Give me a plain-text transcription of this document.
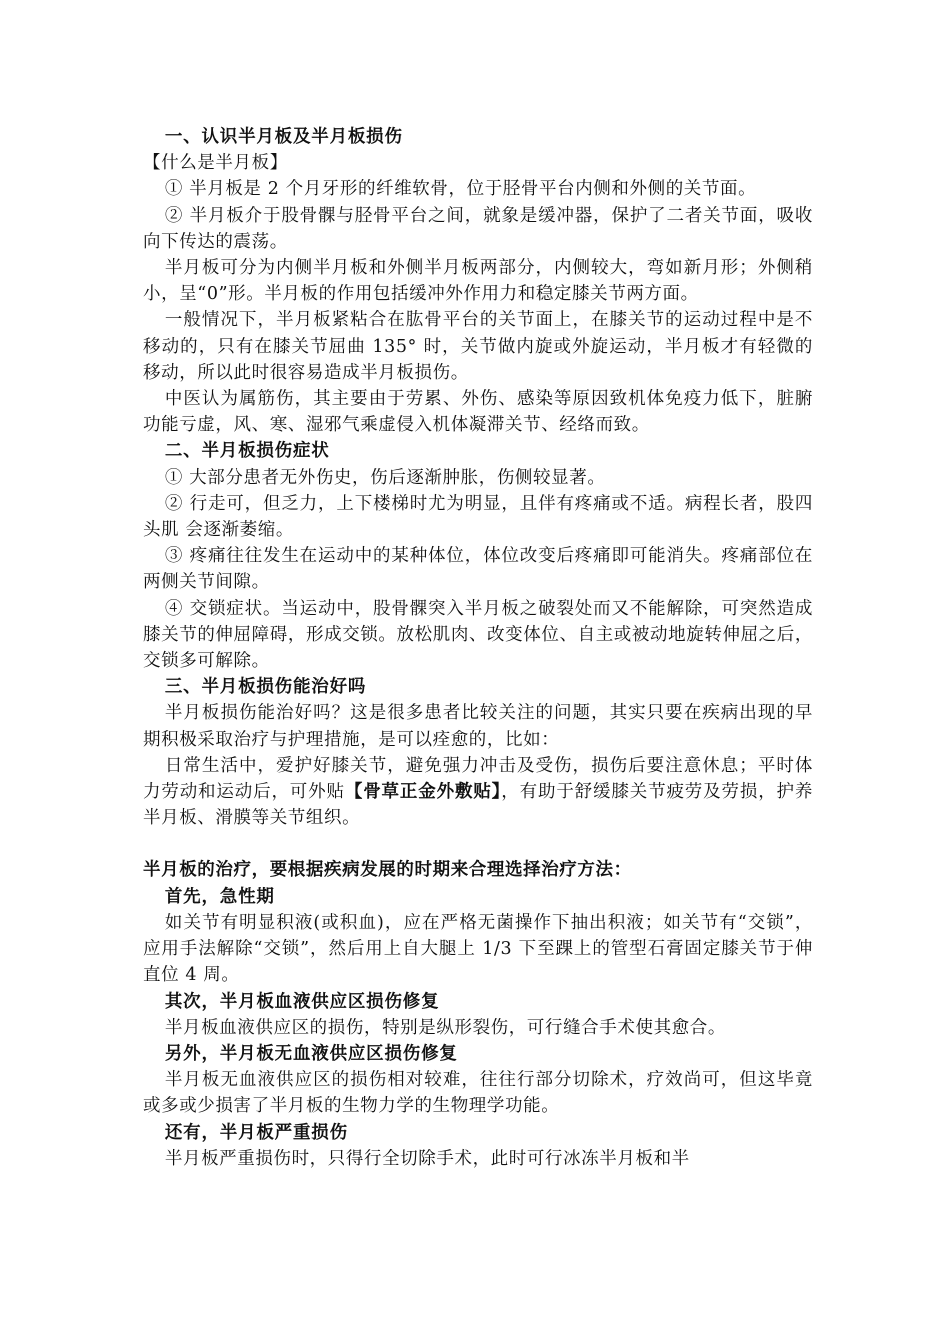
一、认识半月板及半月板损伤

【什么是半月板】

① 半月板是 2 个月牙形的纤维软骨，位于胫骨平台内侧和外侧的关节面。

② 半月板介于股骨髁与胫骨平台之间，就象是缓冲器，保护了二者关节面，吸收向下传达的震荡。

半月板可分为内侧半月板和外侧半月板两部分，内侧较大，弯如新月形；外侧稍小，呈“0”形。半月板的作用包括缓冲外作用力和稳定膝关节两方面。

一般情况下，半月板紧粘合在肱骨平台的关节面上，在膝关节的运动过程中是不移动的，只有在膝关节屈曲 135° 时，关节做内旋或外旋运动，半月板才有轻微的移动，所以此时很容易造成半月板损伤。

中医认为属筋伤，其主要由于劳累、外伤、感染等原因致机体免疫力低下，脏腑功能亏虚，风、寒、湿邪气乘虚侵入机体凝滞关节、经络而致。

二、半月板损伤症状

① 大部分患者无外伤史，伤后逐渐肿胀，伤侧较显著。

② 行走可，但乏力，上下楼梯时尤为明显，且伴有疼痛或不适。病程长者，股四头肌 会逐渐萎缩。

③ 疼痛往往发生在运动中的某种体位，体位改变后疼痛即可能消失。疼痛部位在两侧关节间隙。

④ 交锁症状。当运动中，股骨髁突入半月板之破裂处而又不能解除，可突然造成膝关节的伸屈障碍，形成交锁。放松肌肉、改变体位、自主或被动地旋转伸屈之后，交锁多可解除。

三、半月板损伤能治好吗

半月板损伤能治好吗？这是很多患者比较关注的问题，其实只要在疾病出现的早期积极采取治疗与护理措施，是可以痊愈的，比如：

日常生活中，爱护好膝关节，避免强力冲击及受伤，损伤后要注意休息；平时体力劳动和运动后，可外贴【骨草正金外敷贴】，有助于舒缓膝关节疲劳及劳损，护养半月板、滑膜等关节组织。

半月板的治疗，要根据疾病发展的时期来合理选择治疗方法：

首先，急性期

如关节有明显积液(或积血)，应在严格无菌操作下抽出积液；如关节有“交锁”，应用手法解除“交锁”，然后用上自大腿上 1/3 下至踝上的管型石膏固定膝关节于伸直位 4 周。

其次，半月板血液供应区损伤修复

半月板血液供应区的损伤，特别是纵形裂伤，可行缝合手术使其愈合。

另外，半月板无血液供应区损伤修复

半月板无血液供应区的损伤相对较难，往往行部分切除术，疗效尚可，但这毕竟或多或少损害了半月板的生物力学的生物理学功能。

还有，半月板严重损伤

半月板严重损伤时，只得行全切除手术，此时可行冰冻半月板和半
